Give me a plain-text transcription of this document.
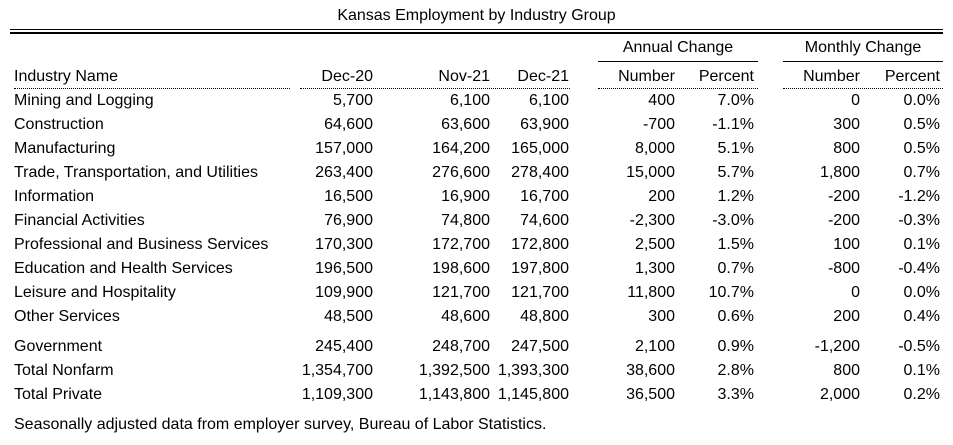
Kansas Employment by Industry Group
Annual Change	Monthly Change
Industry Name	Dec-20	Nov-21 Dec-21	Number Percent	Number Percent
Mining and Logging	5,700	6,100 6,100	400	7.0%	0	0.0%
Construction	64,600	63,600 63,900	-700 -1.1%	300	0.5%
Manufacturing	157,000	164,200 165,000	8,000	5.1%	800	0.5%
Trade, Transportation, and Utilities	263,400	276,600 278,400	15,000	5.7%	1,800	0.7%
Information	16,500	16,900 16,700	200	1.2%	-200 -1.2%
Financial Activities	76,900	74,800 74,600	-2,300 -3.0%	-200 -0.3%
Professional and Business Services	170,300	172,700 172,800	2,500	1.5%	100	0.1%
Education and Health Services	196,500	198,600 197,800	1,300	0.7%	-800 -0.4%
Leisure and Hospitality	109,900	121,700 121,700	11,800 10.7%	0	0.0%
Other Services	48,500	48,600 48,800	300	0.6%	200	0.4%
Government	245,400	248,700 247,500	2,100	0.9%	-1,200 -0.5%
Total Nonfarm	1,354,700	1,392,500 1,393,300	38,600	2.8%	800	0.1%
Total Private	1,109,300	1,143,800 1,145,800	36,500	3.3%	2,000	0.2%
Seasonally adjusted data from employer survey, Bureau of Labor Statistics.
